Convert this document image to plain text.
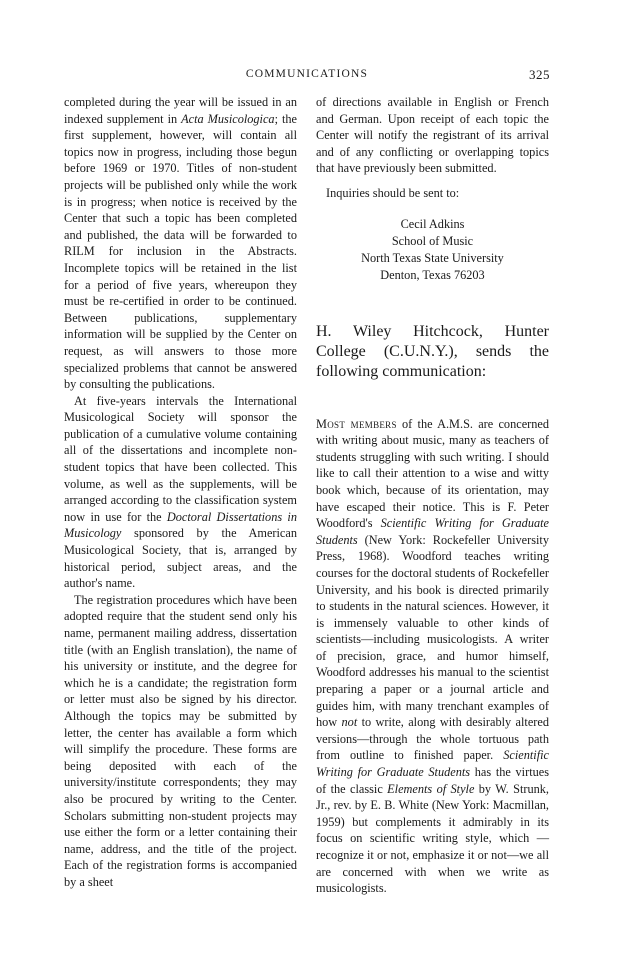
COMMUNICATIONS	325

completed during the year will be issued in an indexed supplement in Acta Musicologica; the first supplement, however, will contain all topics now in progress, including those begun before 1969 or 1970. Titles of non-student projects will be published only while the work is in progress; when notice is received by the Center that such a topic has been completed and published, the data will be forwarded to RILM for inclusion in the Abstracts. Incomplete topics will be retained in the list for a period of five years, whereupon they must be re-certified in order to be continued. Between publications, supplementary information will be supplied by the Center on request, as will answers to those more specialized problems that cannot be answered by consulting the publications.

At five-years intervals the International Musicological Society will sponsor the publication of a cumulative volume containing all of the dissertations and incomplete non-student topics that have been collected. This volume, as well as the supplements, will be arranged according to the classification system now in use for the Doctoral Dissertations in Musicology sponsored by the American Musicological Society, that is, arranged by historical period, subject areas, and the author's name.

The registration procedures which have been adopted require that the student send only his name, permanent mailing address, dissertation title (with an English translation), the name of his university or institute, and the degree for which he is a candidate; the registration form or letter must also be signed by his director. Although the topics may be submitted by letter, the center has available a form which will simplify the procedure. These forms are being deposited with each of the university/institute correspondents; they may also be procured by writing to the Center. Scholars submitting non-student projects may use either the form or a letter containing their name, address, and the title of the project. Each of the registration forms is accompanied by a sheet

of directions available in English or French and German. Upon receipt of each topic the Center will notify the registrant of its arrival and of any conflicting or overlapping topics that have previously been submitted.

Inquiries should be sent to:

Cecil Adkins
School of Music
North Texas State University
Denton, Texas 76203

H. Wiley Hitchcock, Hunter College (C.U.N.Y.), sends the following communication:

Most members of the A.M.S. are concerned with writing about music, many as teachers of students struggling with such writing. I should like to call their attention to a wise and witty book which, because of its orientation, may have escaped their notice. This is F. Peter Woodford's Scientific Writing for Graduate Students (New York: Rockefeller University Press, 1968). Woodford teaches writing courses for the doctoral students of Rockefeller University, and his book is directed primarily to students in the natural sciences. However, it is immensely valuable to other kinds of scientists—including musicologists. A writer of precision, grace, and humor himself, Woodford addresses his manual to the scientist preparing a paper or a journal article and guides him, with many trenchant examples of how not to write, along with desirably altered versions—through the whole tortuous path from outline to finished paper. Scientific Writing for Graduate Students has the virtues of the classic Elements of Style by W. Strunk, Jr., rev. by E. B. White (New York: Macmillan, 1959) but complements it admirably in its focus on scientific writing style, which —recognize it or not, emphasize it or not—we all are concerned with when we write as musicologists.
